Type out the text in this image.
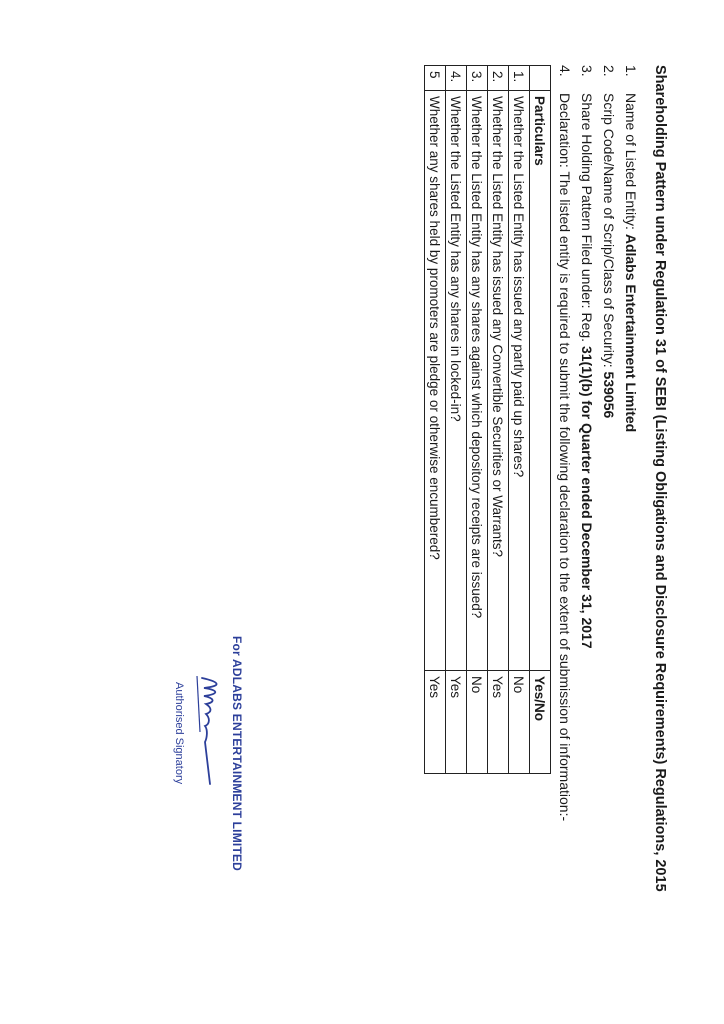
Shareholding Pattern under Regulation 31 of SEBI (Listing Obligations and Disclosure Requirements) Regulations, 2015
1.Name of Listed Entity: Adlabs Entertainment Limited
2.Scrip Code/Name of Scrip/Class of Security: 539056
3.Share Holding Pattern Filed under: Reg. 31(1)(b) for Quarter ended December 31, 2017
4.Declaration: The listed entity is required to submit the following declaration to the extent of submission of information:-
	Particulars	Yes/No
1.	Whether the Listed Entity has issued any partly paid up shares?	No
2.	Whether the Listed Entity has issued any Convertible Securities or Warrants?	Yes
3.	Whether the Listed Entity has any shares against which depository receipts are issued?	No
4.	Whether the Listed Entity has any shares in locked-in?	Yes
5	Whether any shares held by promoters are pledge or otherwise encumbered?	Yes
For ADLABS ENTERTAINMENT LIMITED
Authorised Signatory
